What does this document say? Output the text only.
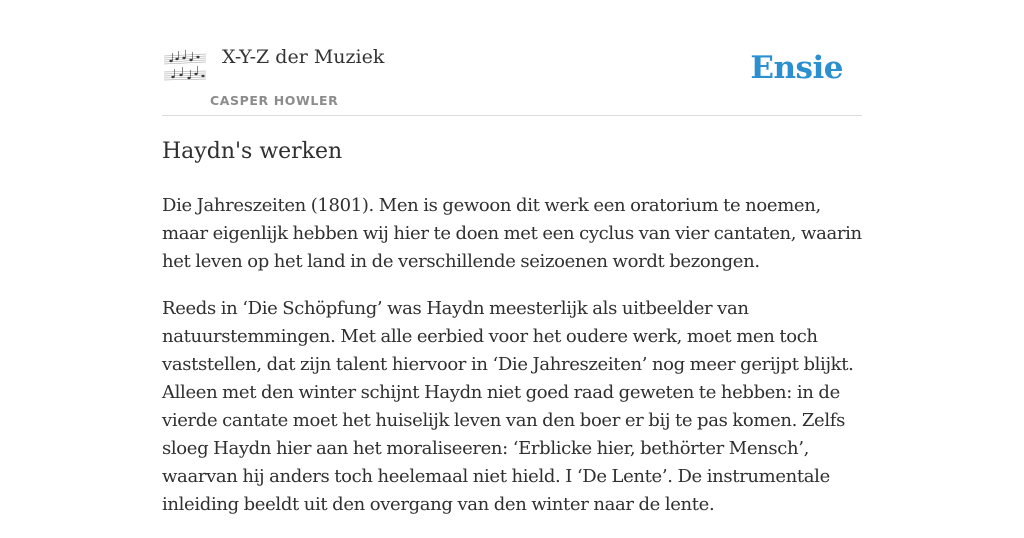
X-Y-Z der Muziek
CASPER HOWLER
Ensie
Haydn's werken

Die Jahreszeiten (1801). Men is gewoon dit werk een oratorium te noemen, maar eigenlijk hebben wij hier te doen met een cyclus van vier cantaten, waarin het leven op het land in de verschillende seizoenen wordt bezongen.

Reeds in ‘Die Schöpfung’ was Haydn meesterlijk als uitbeelder van natuurstemmingen. Met alle eerbied voor het oudere werk, moet men toch vaststellen, dat zijn talent hiervoor in ‘Die Jahreszeiten’ nog meer gerijpt blijkt. Alleen met den winter schijnt Haydn niet goed raad geweten te hebben: in de vierde cantate moet het huiselijk leven van den boer er bij te pas komen. Zelfs sloeg Haydn hier aan het moraliseeren: ‘Erblicke hier, bethörter Mensch’, waarvan hij anders toch heelemaal niet hield. I ‘De Lente’. De instrumentale inleiding beeldt uit den overgang van den winter naar de lente.
